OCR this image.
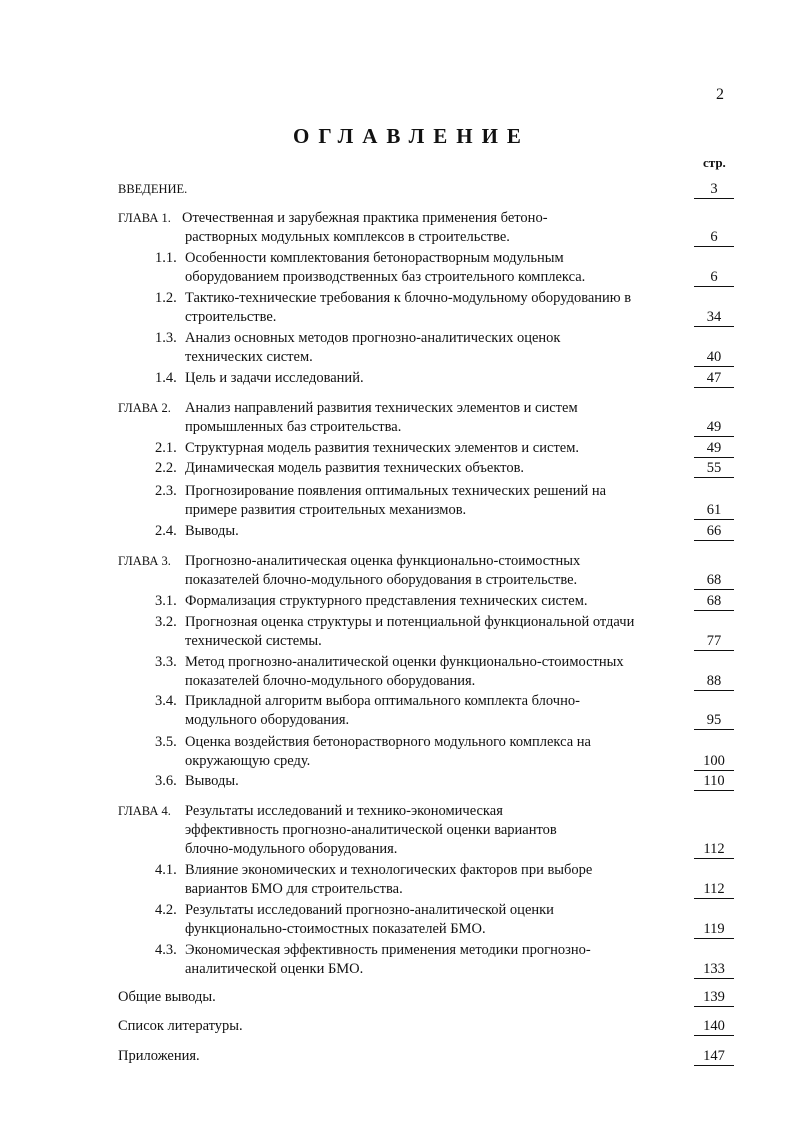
2
ОГЛАВЛЕНИЕ
стр.
ВВЕДЕНИЕ.	3
ГЛАВА 1. Отечественная и зарубежная практика применения бетоно-
растворных модульных комплексов в строительстве.	6
1.1. Особенности комплектования бетонорастворным модульным
оборудованием производственных баз строительного комплекса.	6
1.2. Тактико-технические требования к блочно-модульному оборудованию в
строительстве.	34
1.3. Анализ основных методов прогнозно-аналитических оценок
технических систем.	40
1.4. Цель и задачи исследований.	47
ГЛАВА 2. Анализ направлений развития технических элементов и систем
промышленных баз строительства.	49
2.1. Структурная модель развития технических элементов и систем.	49
2.2. Динамическая модель развития технических объектов.	55
2.3. Прогнозирование появления оптимальных технических решений на
примере развития строительных механизмов.	61
2.4. Выводы.	66
ГЛАВА 3. Прогнозно-аналитическая оценка функционально-стоимостных
показателей блочно-модульного оборудования в строительстве.	68
3.1. Формализация структурного представления технических систем.	68
3.2. Прогнозная оценка структуры и потенциальной функциональной отдачи
технической системы.	77
3.3. Метод прогнозно-аналитической оценки функционально-стоимостных
показателей блочно-модульного оборудования.	88
3.4. Прикладной алгоритм выбора оптимального комплекта блочно-
модульного оборудования.	95
3.5. Оценка воздействия бетонорастворного модульного комплекса на
окружающую среду.	100
3.6. Выводы.	110
ГЛАВА 4. Результаты исследований и технико-экономическая
эффективность прогнозно-аналитической оценки вариантов
блочно-модульного оборудования.	112
4.1. Влияние экономических и технологических факторов при выборе
вариантов БМО для строительства.	112
4.2. Результаты исследований прогнозно-аналитической оценки
функционально-стоимостных показателей БМО.	119
4.3. Экономическая эффективность применения методики прогнозно-
аналитической оценки БМО.	133
Общие выводы.	139
Список литературы.	140
Приложения.	147
